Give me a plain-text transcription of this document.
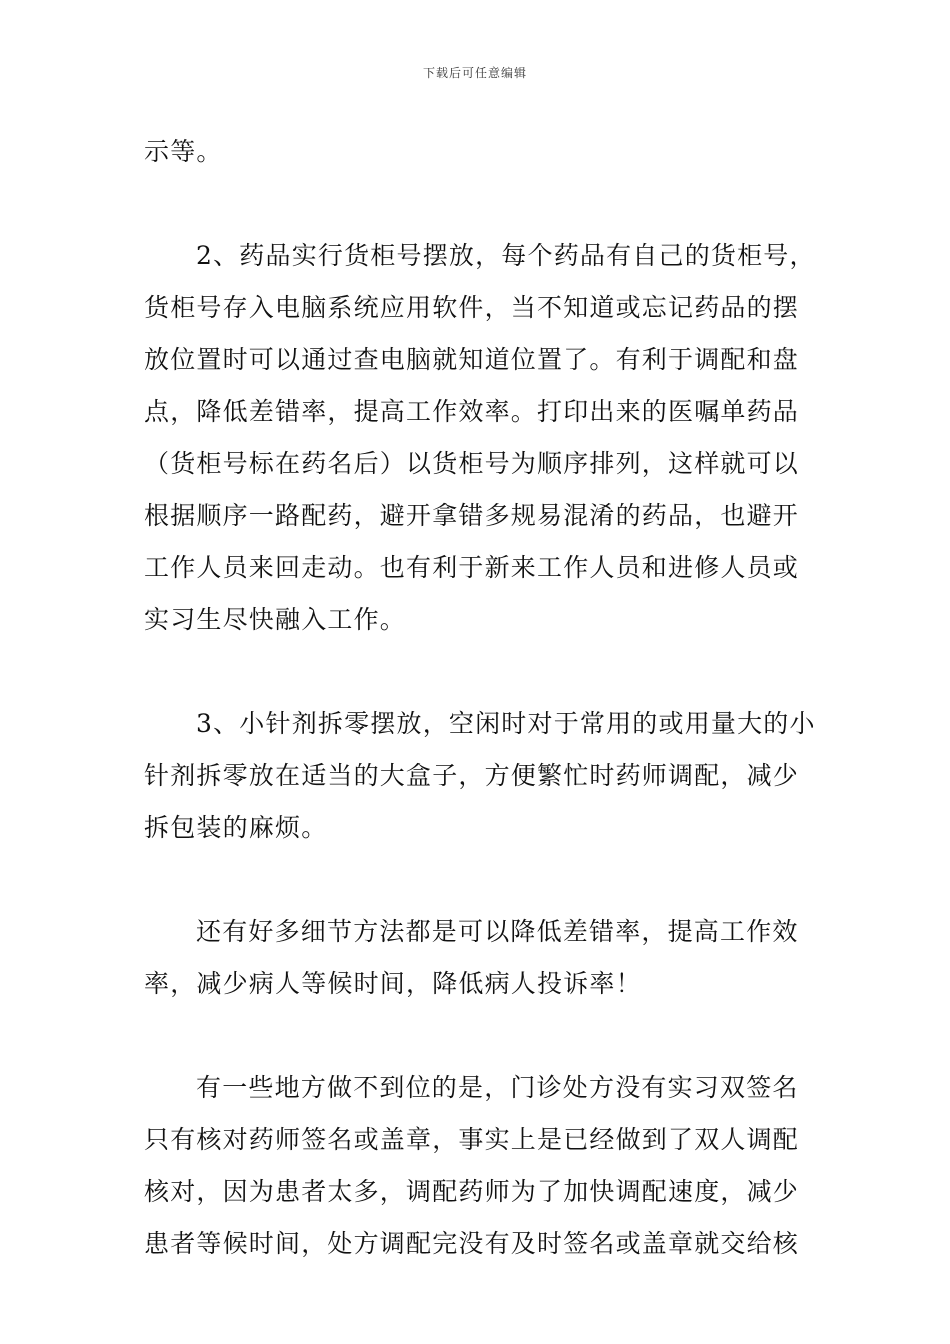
下载后可任意编辑
示等。
2、药品实行货柜号摆放，每个药品有自己的货柜号，
货柜号存入电脑系统应用软件，当不知道或忘记药品的摆
放位置时可以通过查电脑就知道位置了。有利于调配和盘
点，降低差错率，提高工作效率。打印出来的医嘱单药品
（货柜号标在药名后）以货柜号为顺序排列，这样就可以
根据顺序一路配药，避开拿错多规易混淆的药品，也避开
工作人员来回走动。也有利于新来工作人员和进修人员或
实习生尽快融入工作。
3、小针剂拆零摆放，空闲时对于常用的或用量大的小
针剂拆零放在适当的大盒子，方便繁忙时药师调配，减少
拆包装的麻烦。
还有好多细节方法都是可以降低差错率，提高工作效
率，减少病人等候时间，降低病人投诉率！
有一些地方做不到位的是，门诊处方没有实习双签名
只有核对药师签名或盖章，事实上是已经做到了双人调配
核对，因为患者太多，调配药师为了加快调配速度，减少
患者等候时间，处方调配完没有及时签名或盖章就交给核
